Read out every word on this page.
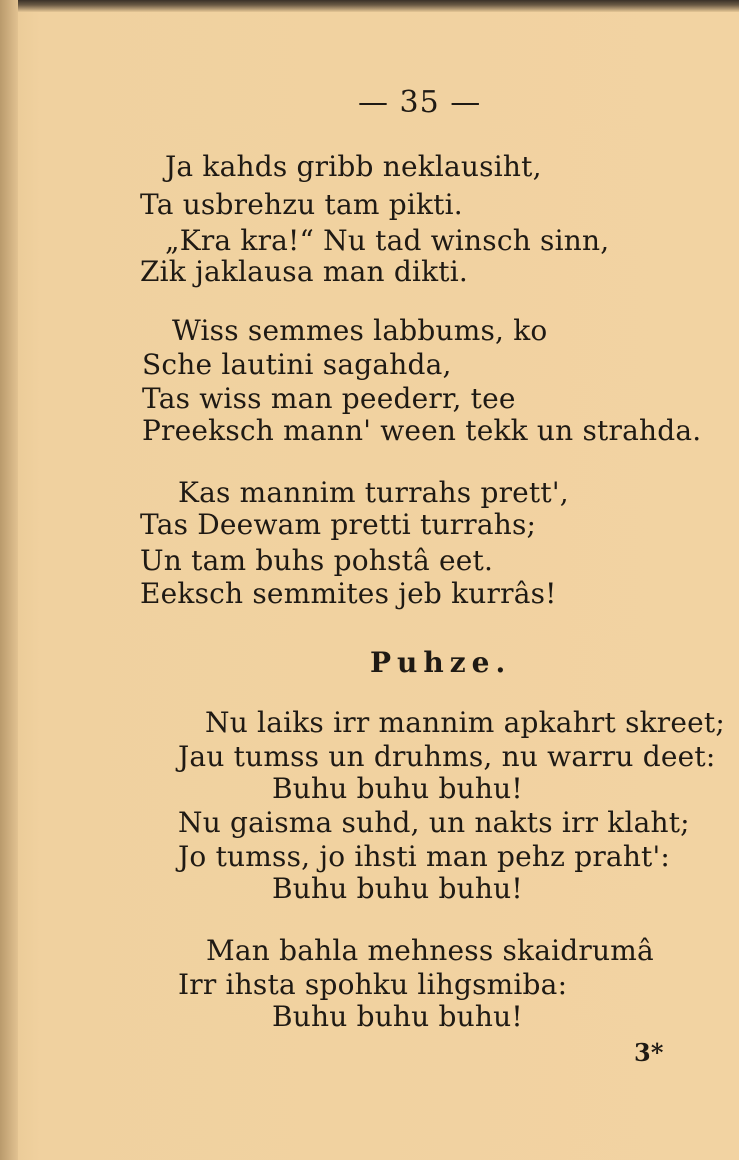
— 35 —
Ja kahds gribb neklausiht,
Ta usbrehzu tam pikti.
„Kra kra!“ Nu tad winsch sinn,
Zik jaklausa man dikti.
Wiss semmes labbums, ko
Sche lautini sagahda,
Tas wiss man peederr, tee
Preeksch mann' ween tekk un strahda.
Kas mannim turrahs prett',
Tas Deewam pretti turrahs;
Un tam buhs pohstâ eet.
Eeksch semmites jeb kurrâs!
Puhze.
Nu laiks irr mannim apkahrt skreet;
Jau tumss un druhms, nu warru deet:
Buhu buhu buhu!
Nu gaisma suhd, un nakts irr klaht;
Jo tumss, jo ihsti man pehz praht':
Buhu buhu buhu!
Man bahla mehness skaidrumâ
Irr ihsta spohku lihgsmiba:
Buhu buhu buhu!
3*
